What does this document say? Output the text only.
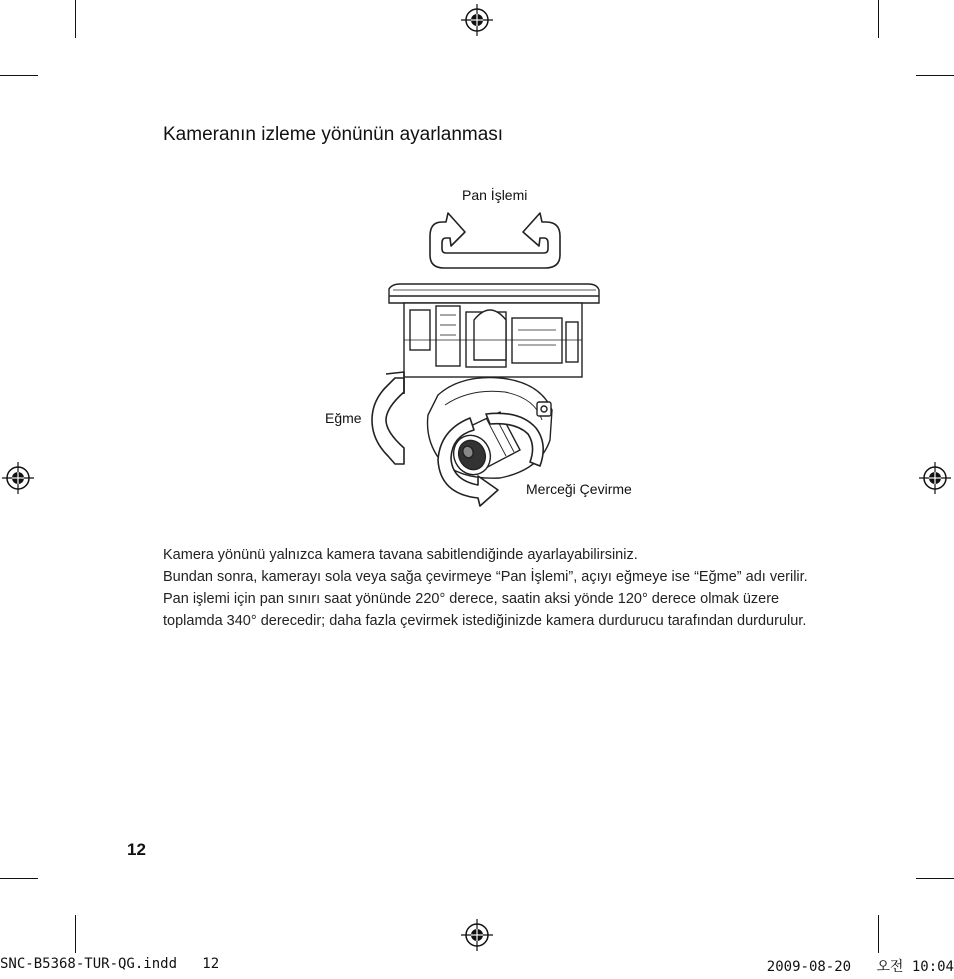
Kameranın izleme yönünün ayarlanması
Pan İşlemi
Eğme
Merceği Çevirme

Kamera yönünü yalnızca kamera tavana sabitlendiğinde ayarlayabilirsiniz.

Bundan sonra, kamerayı sola veya sağa çevirmeye “Pan İşlemi”, açıyı eğmeye ise “Eğme” adı verilir. Pan işlemi için pan sınırı saat yönünde 220° derece, saatin aksi yönde 120° derece olmak üzere toplamda 340° derecedir; daha fazla çevirmek istediğinizde kamera durdurucu tarafından durdurulur.

12
SNC-B5368-TUR-QG.indd   12	2009-08-20   오전 10:04
